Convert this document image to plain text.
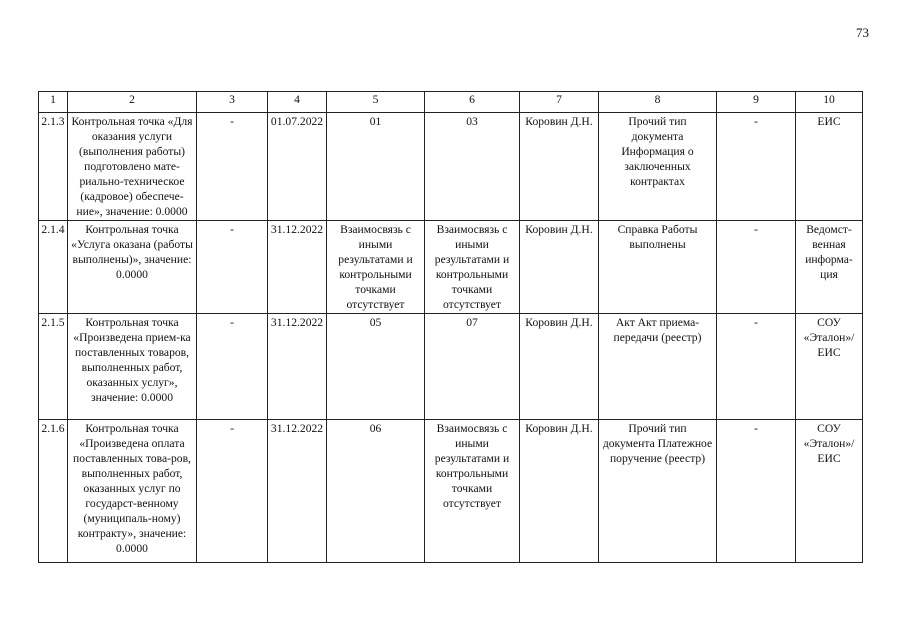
73
1	2	3	4	5	6	7	8	9	10
2.1.3	Контрольная точка «Для оказания услуги (выполнения работы) подготовлено мате-риально-техническое (кадровое) обеспече-ние», значение: 0.0000	-	01.07.2022	01	03	Коровин Д.Н.	Прочий тип документа Информация о заключенных контрактах	-	ЕИС
2.1.4	Контрольная точка «Услуга оказана (работы выполнены)», значение: 0.0000	-	31.12.2022	Взаимосвязь с иными результатами и контрольными точками отсутствует	Взаимосвязь с иными результатами и контрольными точками отсутствует	Коровин Д.Н.	Справка Работы выполнены	-	Ведомст-венная информа-ция
2.1.5	Контрольная точка «Произведена прием-ка поставленных товаров, выполненных работ, оказанных услуг», значение: 0.0000	-	31.12.2022	05	07	Коровин Д.Н.	Акт Акт приема-передачи (реестр)	-	СОУ «Эталон»/ ЕИС
2.1.6	Контрольная точка «Произведена оплата поставленных това-ров, выполненных работ, оказанных услуг по государст-венному (муниципаль-ному) контракту», значение: 0.0000	-	31.12.2022	06	Взаимосвязь с иными результатами и контрольными точками отсутствует	Коровин Д.Н.	Прочий тип документа Платежное поручение (реестр)	-	СОУ «Эталон»/ ЕИС
